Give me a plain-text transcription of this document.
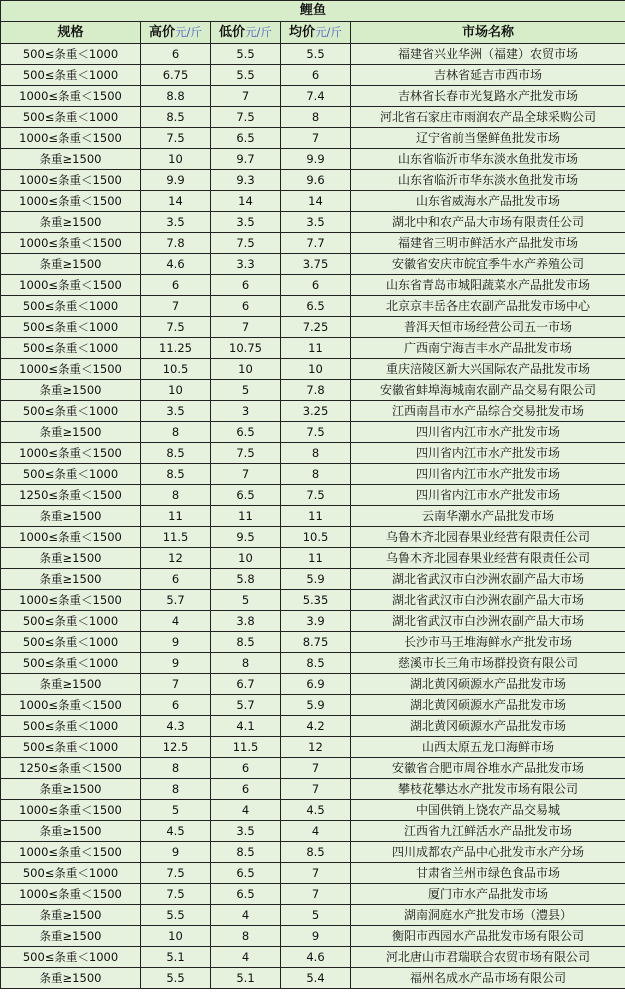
鲤鱼				
规格	高价元/斤	低价元/斤	均价元/斤	市场名称
500≤条重＜1000	6	5.5	5.5	福建省兴业华洲（福建）农贸市场
500≤条重＜1000	6.75	5.5	6	吉林省延吉市西市场
1000≤条重＜1500	8.8	7	7.4	吉林省长春市光复路水产批发市场
500≤条重＜1000	8.5	7.5	8	河北省石家庄市雨润农产品全球采购公司
1000≤条重＜1500	7.5	6.5	7	辽宁省前当堡鲜鱼批发市场
条重≥1500	10	9.7	9.9	山东省临沂市华东淡水鱼批发市场
1000≤条重＜1500	9.9	9.3	9.6	山东省临沂市华东淡水鱼批发市场
1000≤条重＜1500	14	14	14	山东省威海水产品批发市场
条重≥1500	3.5	3.5	3.5	湖北中和农产品大市场有限责任公司
1000≤条重＜1500	7.8	7.5	7.7	福建省三明市鲜活水产品批发市场
条重≥1500	4.6	3.3	3.75	安徽省安庆市皖宜季牛水产养殖公司
1000≤条重＜1500	6	6	6	山东省青岛市城阳蔬菜水产品批发市场
500≤条重＜1000	7	6	6.5	北京京丰岳各庄农副产品批发市场中心
500≤条重＜1000	7.5	7	7.25	普洱天恒市场经营公司五一市场
500≤条重＜1000	11.25	10.75	11	广西南宁海吉丰水产品批发市场
1000≤条重＜1500	10.5	10	10	重庆涪陵区新大兴国际农产品批发市场
条重≥1500	10	5	7.8	安徽省蚌埠海城南农副产品交易有限公司
500≤条重＜1000	3.5	3	3.25	江西南昌市水产品综合交易批发市场
条重≥1500	8	6.5	7.5	四川省内江市水产批发市场
1000≤条重＜1500	8.5	7.5	8	四川省内江市水产批发市场
500≤条重＜1000	8.5	7	8	四川省内江市水产批发市场
1250≤条重＜1500	8	6.5	7.5	四川省内江市水产批发市场
条重≥1500	11	11	11	云南华潮水产品批发市场
1000≤条重＜1500	11.5	9.5	10.5	乌鲁木齐北园春果业经营有限责任公司
条重≥1500	12	10	11	乌鲁木齐北园春果业经营有限责任公司
条重≥1500	6	5.8	5.9	湖北省武汉市白沙洲农副产品大市场
1000≤条重＜1500	5.7	5	5.35	湖北省武汉市白沙洲农副产品大市场
500≤条重＜1000	4	3.8	3.9	湖北省武汉市白沙洲农副产品大市场
500≤条重＜1000	9	8.5	8.75	长沙市马王堆海鲜水产批发市场
500≤条重＜1000	9	8	8.5	慈溪市长三角市场群投资有限公司
条重≥1500	7	6.7	6.9	湖北黄冈硕源水产品批发市场
1000≤条重＜1500	6	5.7	5.9	湖北黄冈硕源水产品批发市场
500≤条重＜1000	4.3	4.1	4.2	湖北黄冈硕源水产品批发市场
500≤条重＜1000	12.5	11.5	12	山西太原五龙口海鲜市场
1250≤条重＜1500	8	6	7	安徽省合肥市周谷堆水产品批发市场
条重≥1500	8	6	7	攀枝花攀达水产批发市场有限公司
1000≤条重＜1500	5	4	4.5	中国供销上饶农产品交易城
条重≥1500	4.5	3.5	4	江西省九江鲜活水产品批发市场
1000≤条重＜1500	9	8.5	8.5	四川成都农产品中心批发市水产分场
500≤条重＜1000	7.5	6.5	7	甘肃省兰州市绿色食品市场
1000≤条重＜1500	7.5	6.5	7	厦门市水产品批发市场
条重≥1500	5.5	4	5	湖南洞庭水产批发市场（澧县）
条重≥1500	10	8	9	衡阳市西园水产品批发市场有限公司
500≤条重＜1000	5.1	4	4.6	河北唐山市君瑞联合农贸市场有限公司
条重≥1500	5.5	5.1	5.4	福州名成水产品市场有限公司
